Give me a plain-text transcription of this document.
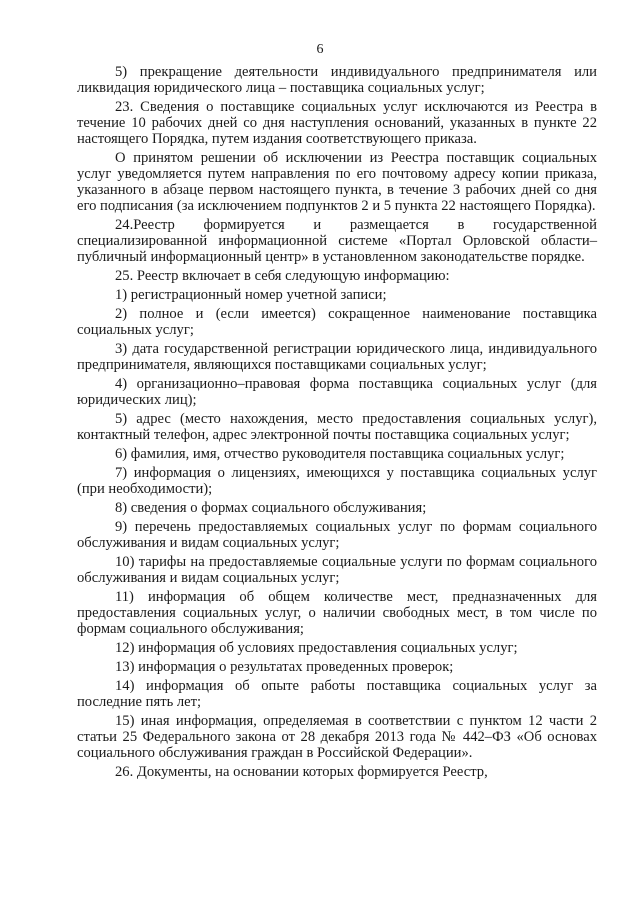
6

5) прекращение деятельности индивидуального предпринимателя или ликвидация юридического лица – поставщика социальных услуг;

23. Сведения о поставщике социальных услуг исключаются из Реестра в течение 10 рабочих дней со дня наступления оснований, указанных в пункте 22 настоящего Порядка, путем издания соответствующего приказа.

О принятом решении об исключении из Реестра поставщик социальных услуг уведомляется путем направления по его почтовому адресу копии приказа, указанного в абзаце первом настоящего пункта, в течение 3 рабочих дней со дня его подписания (за исключением подпунктов 2 и 5 пункта 22 настоящего Порядка).

24.Реестр формируется и размещается в государственной специализированной информационной системе «Портал Орловской области–публичный информационный центр» в установленном законодательстве порядке.

25. Реестр включает в себя следующую информацию:

1) регистрационный номер учетной записи;

2) полное и (если имеется) сокращенное наименование поставщика социальных услуг;

3) дата государственной регистрации юридического лица, индивидуального предпринимателя, являющихся поставщиками социальных услуг;

4) организационно–правовая форма поставщика социальных услуг (для юридических лиц);

5) адрес (место нахождения, место предоставления социальных услуг), контактный телефон, адрес электронной почты поставщика социальных услуг;

6) фамилия, имя, отчество руководителя поставщика социальных услуг;

7) информация о лицензиях, имеющихся у поставщика социальных услуг (при необходимости);

8) сведения о формах социального обслуживания;

9) перечень предоставляемых социальных услуг по формам социального обслуживания и видам социальных услуг;

10) тарифы на предоставляемые социальные услуги по формам социального обслуживания и видам социальных услуг;

11) информация об общем количестве мест, предназначенных для предоставления социальных услуг, о наличии свободных мест, в том числе по формам социального обслуживания;

12) информация об условиях предоставления социальных услуг;

13) информация о результатах проведенных проверок;

14) информация об опыте работы поставщика социальных услуг за последние пять лет;

15) иная информация, определяемая в соответствии с пунктом 12 части 2 статьи 25 Федерального закона от 28 декабря 2013 года № 442–ФЗ «Об основах социального обслуживания граждан в Российской Федерации».

26. Документы, на основании которых формируется Реестр,
